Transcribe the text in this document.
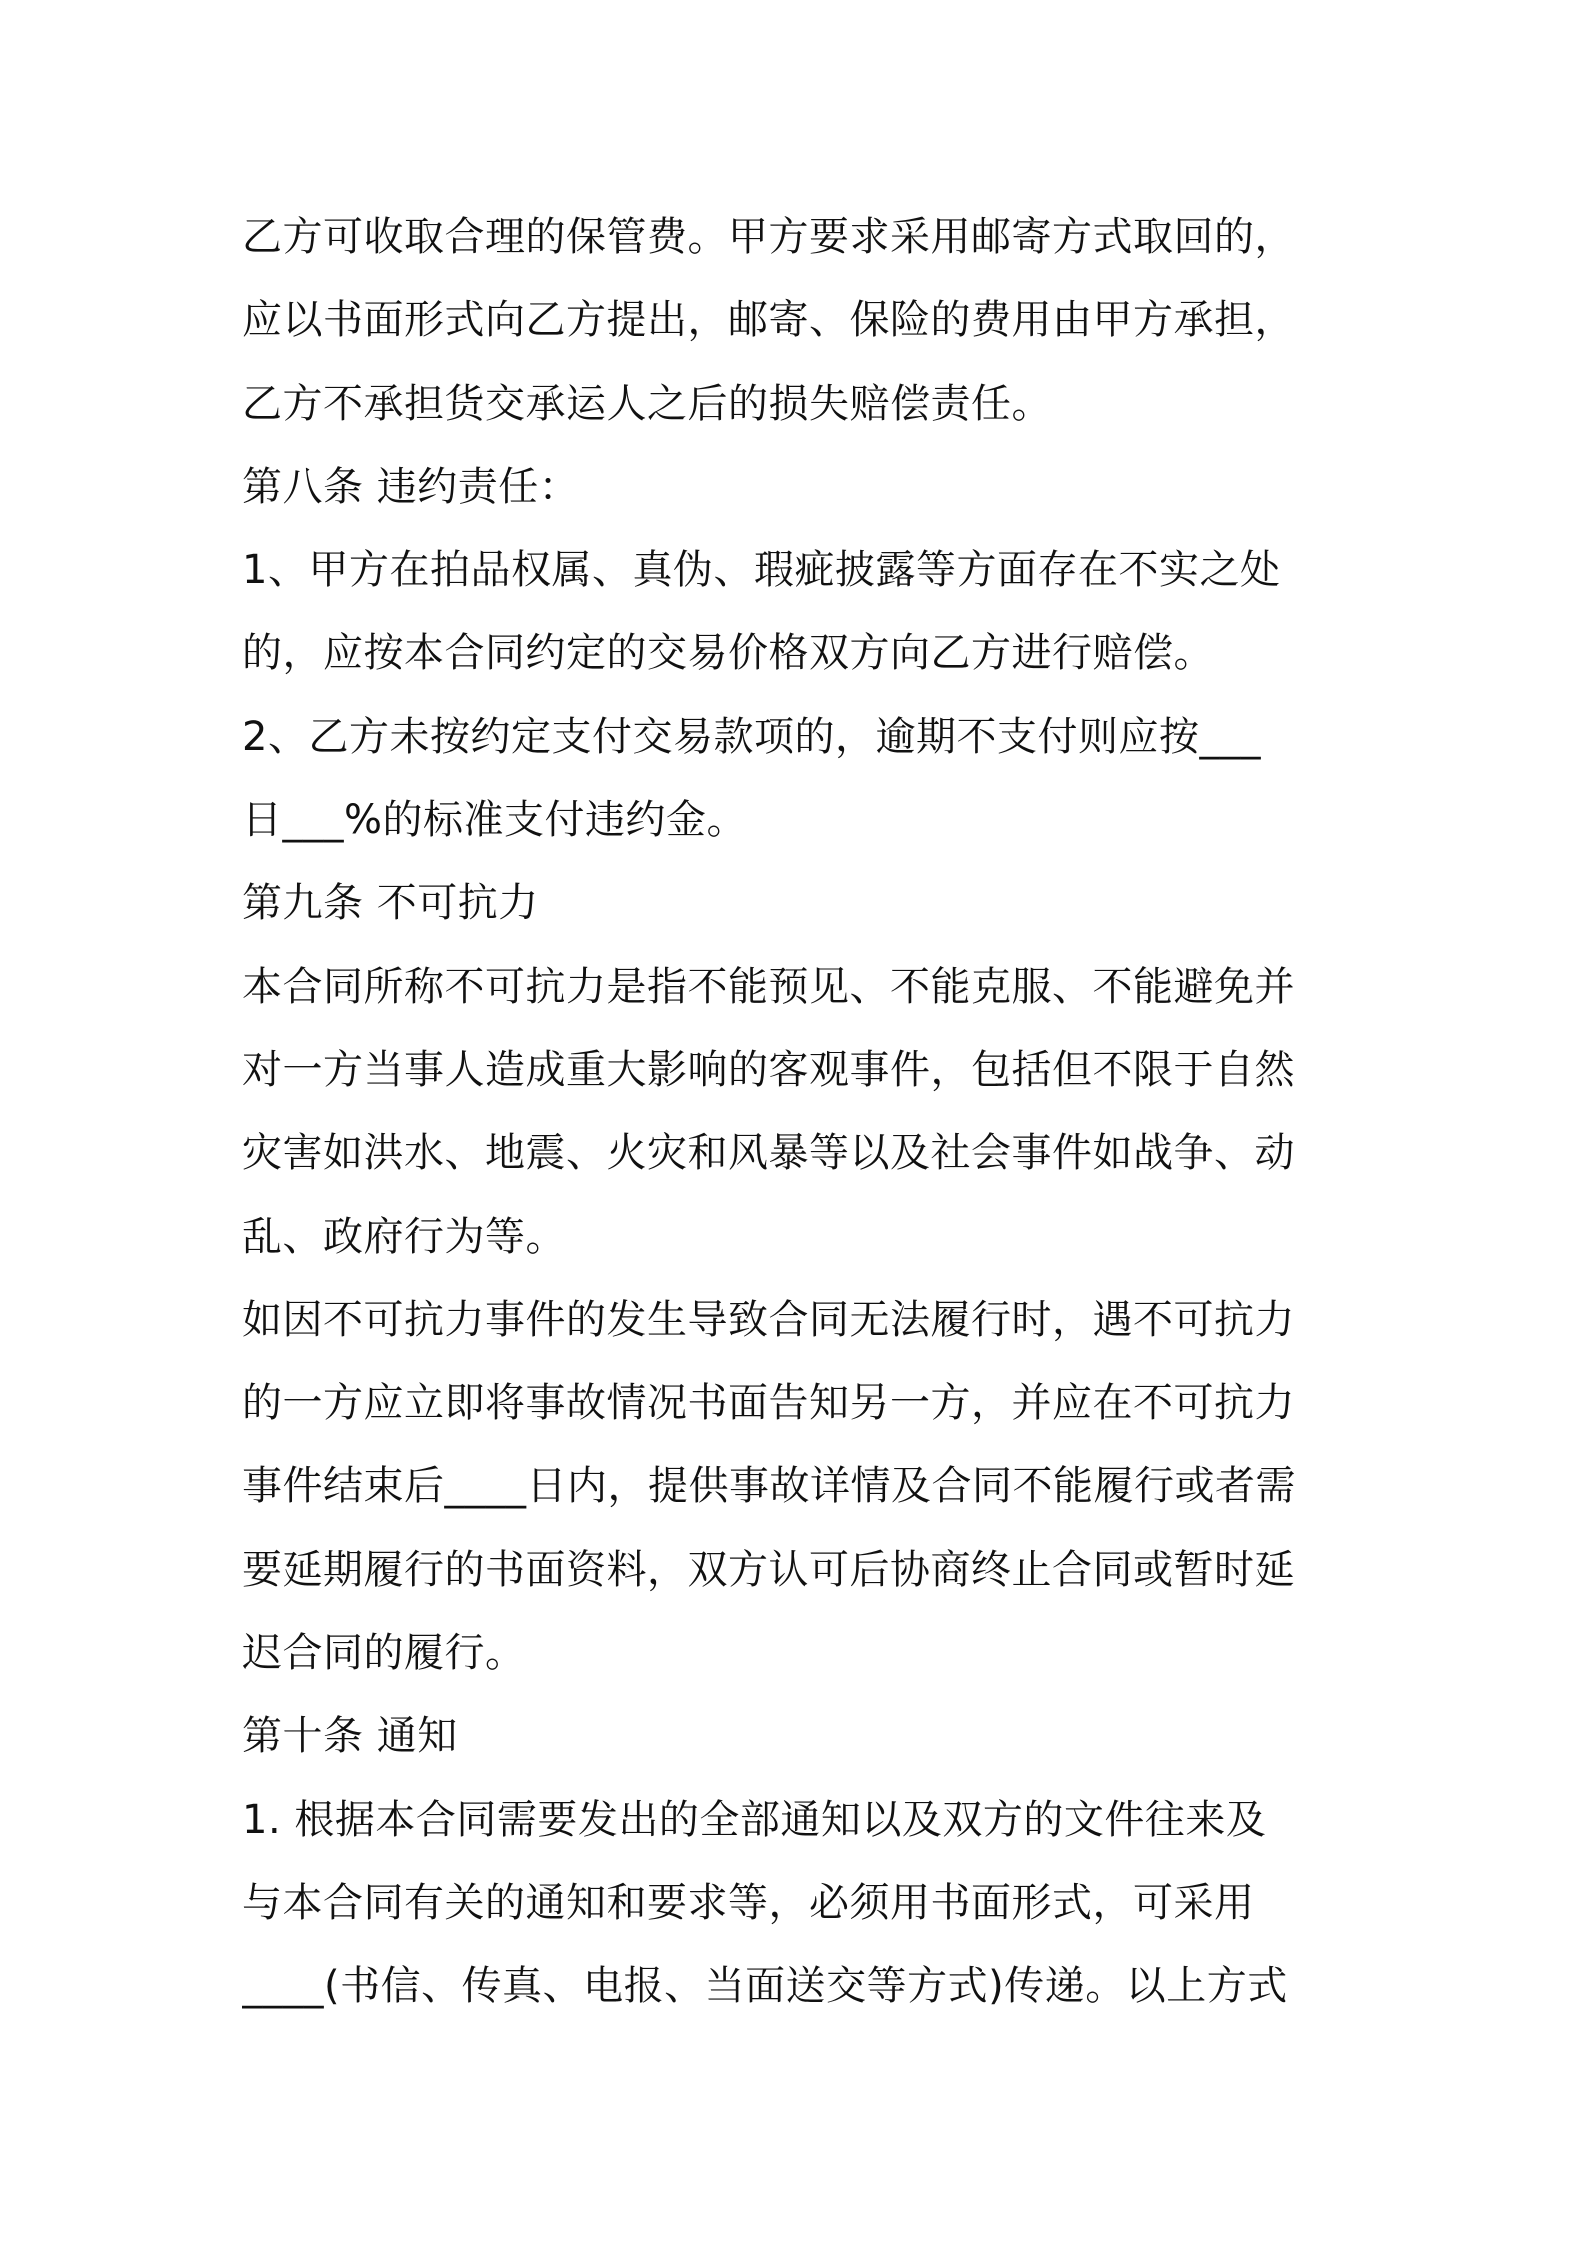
乙方可收取合理的保管费。甲方要求采用邮寄方式取回的，
应以书面形式向乙方提出，邮寄、保险的费用由甲方承担，
乙方不承担货交承运人之后的损失赔偿责任。
第八条 违约责任：
1、甲方在拍品权属、真伪、瑕疵披露等方面存在不实之处
的，应按本合同约定的交易价格双方向乙方进行赔偿。
2、乙方未按约定支付交易款项的，逾期不支付则应按___
日___%的标准支付违约金。
第九条 不可抗力
本合同所称不可抗力是指不能预见、不能克服、不能避免并
对一方当事人造成重大影响的客观事件，包括但不限于自然
灾害如洪水、地震、火灾和风暴等以及社会事件如战争、动
乱、政府行为等。
如因不可抗力事件的发生导致合同无法履行时，遇不可抗力
的一方应立即将事故情况书面告知另一方，并应在不可抗力
事件结束后____日内，提供事故详情及合同不能履行或者需
要延期履行的书面资料，双方认可后协商终止合同或暂时延
迟合同的履行。
第十条 通知
1. 根据本合同需要发出的全部通知以及双方的文件往来及
与本合同有关的通知和要求等，必须用书面形式，可采用
____(书信、传真、电报、当面送交等方式)传递。以上方式
